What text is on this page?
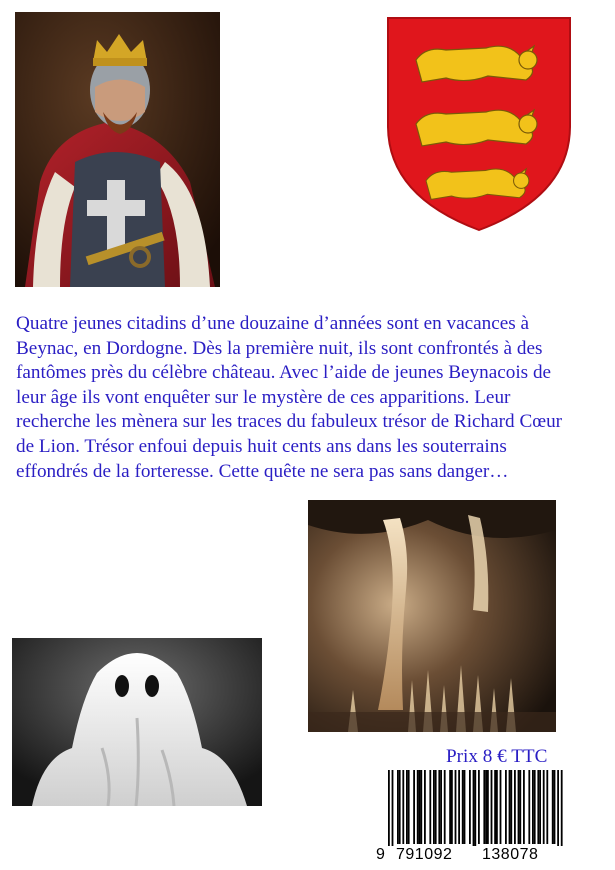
Quatre jeunes citadins d’une douzaine d’années sont en vacances à Beynac, en Dordogne. Dès la première nuit, ils sont confrontés à des fantômes près du célèbre château. Avec l’aide de jeunes Beynacois de leur âge ils vont enquêter sur le mystère de ces apparitions. Leur recherche les mènera sur les traces du fabuleux trésor de Richard Cœur de Lion. Trésor enfoui depuis huit cents ans dans les souterrains effondrés de la forteresse. Cette quête ne sera pas sans danger…

Prix 8 € TTC
9 791092 138078
